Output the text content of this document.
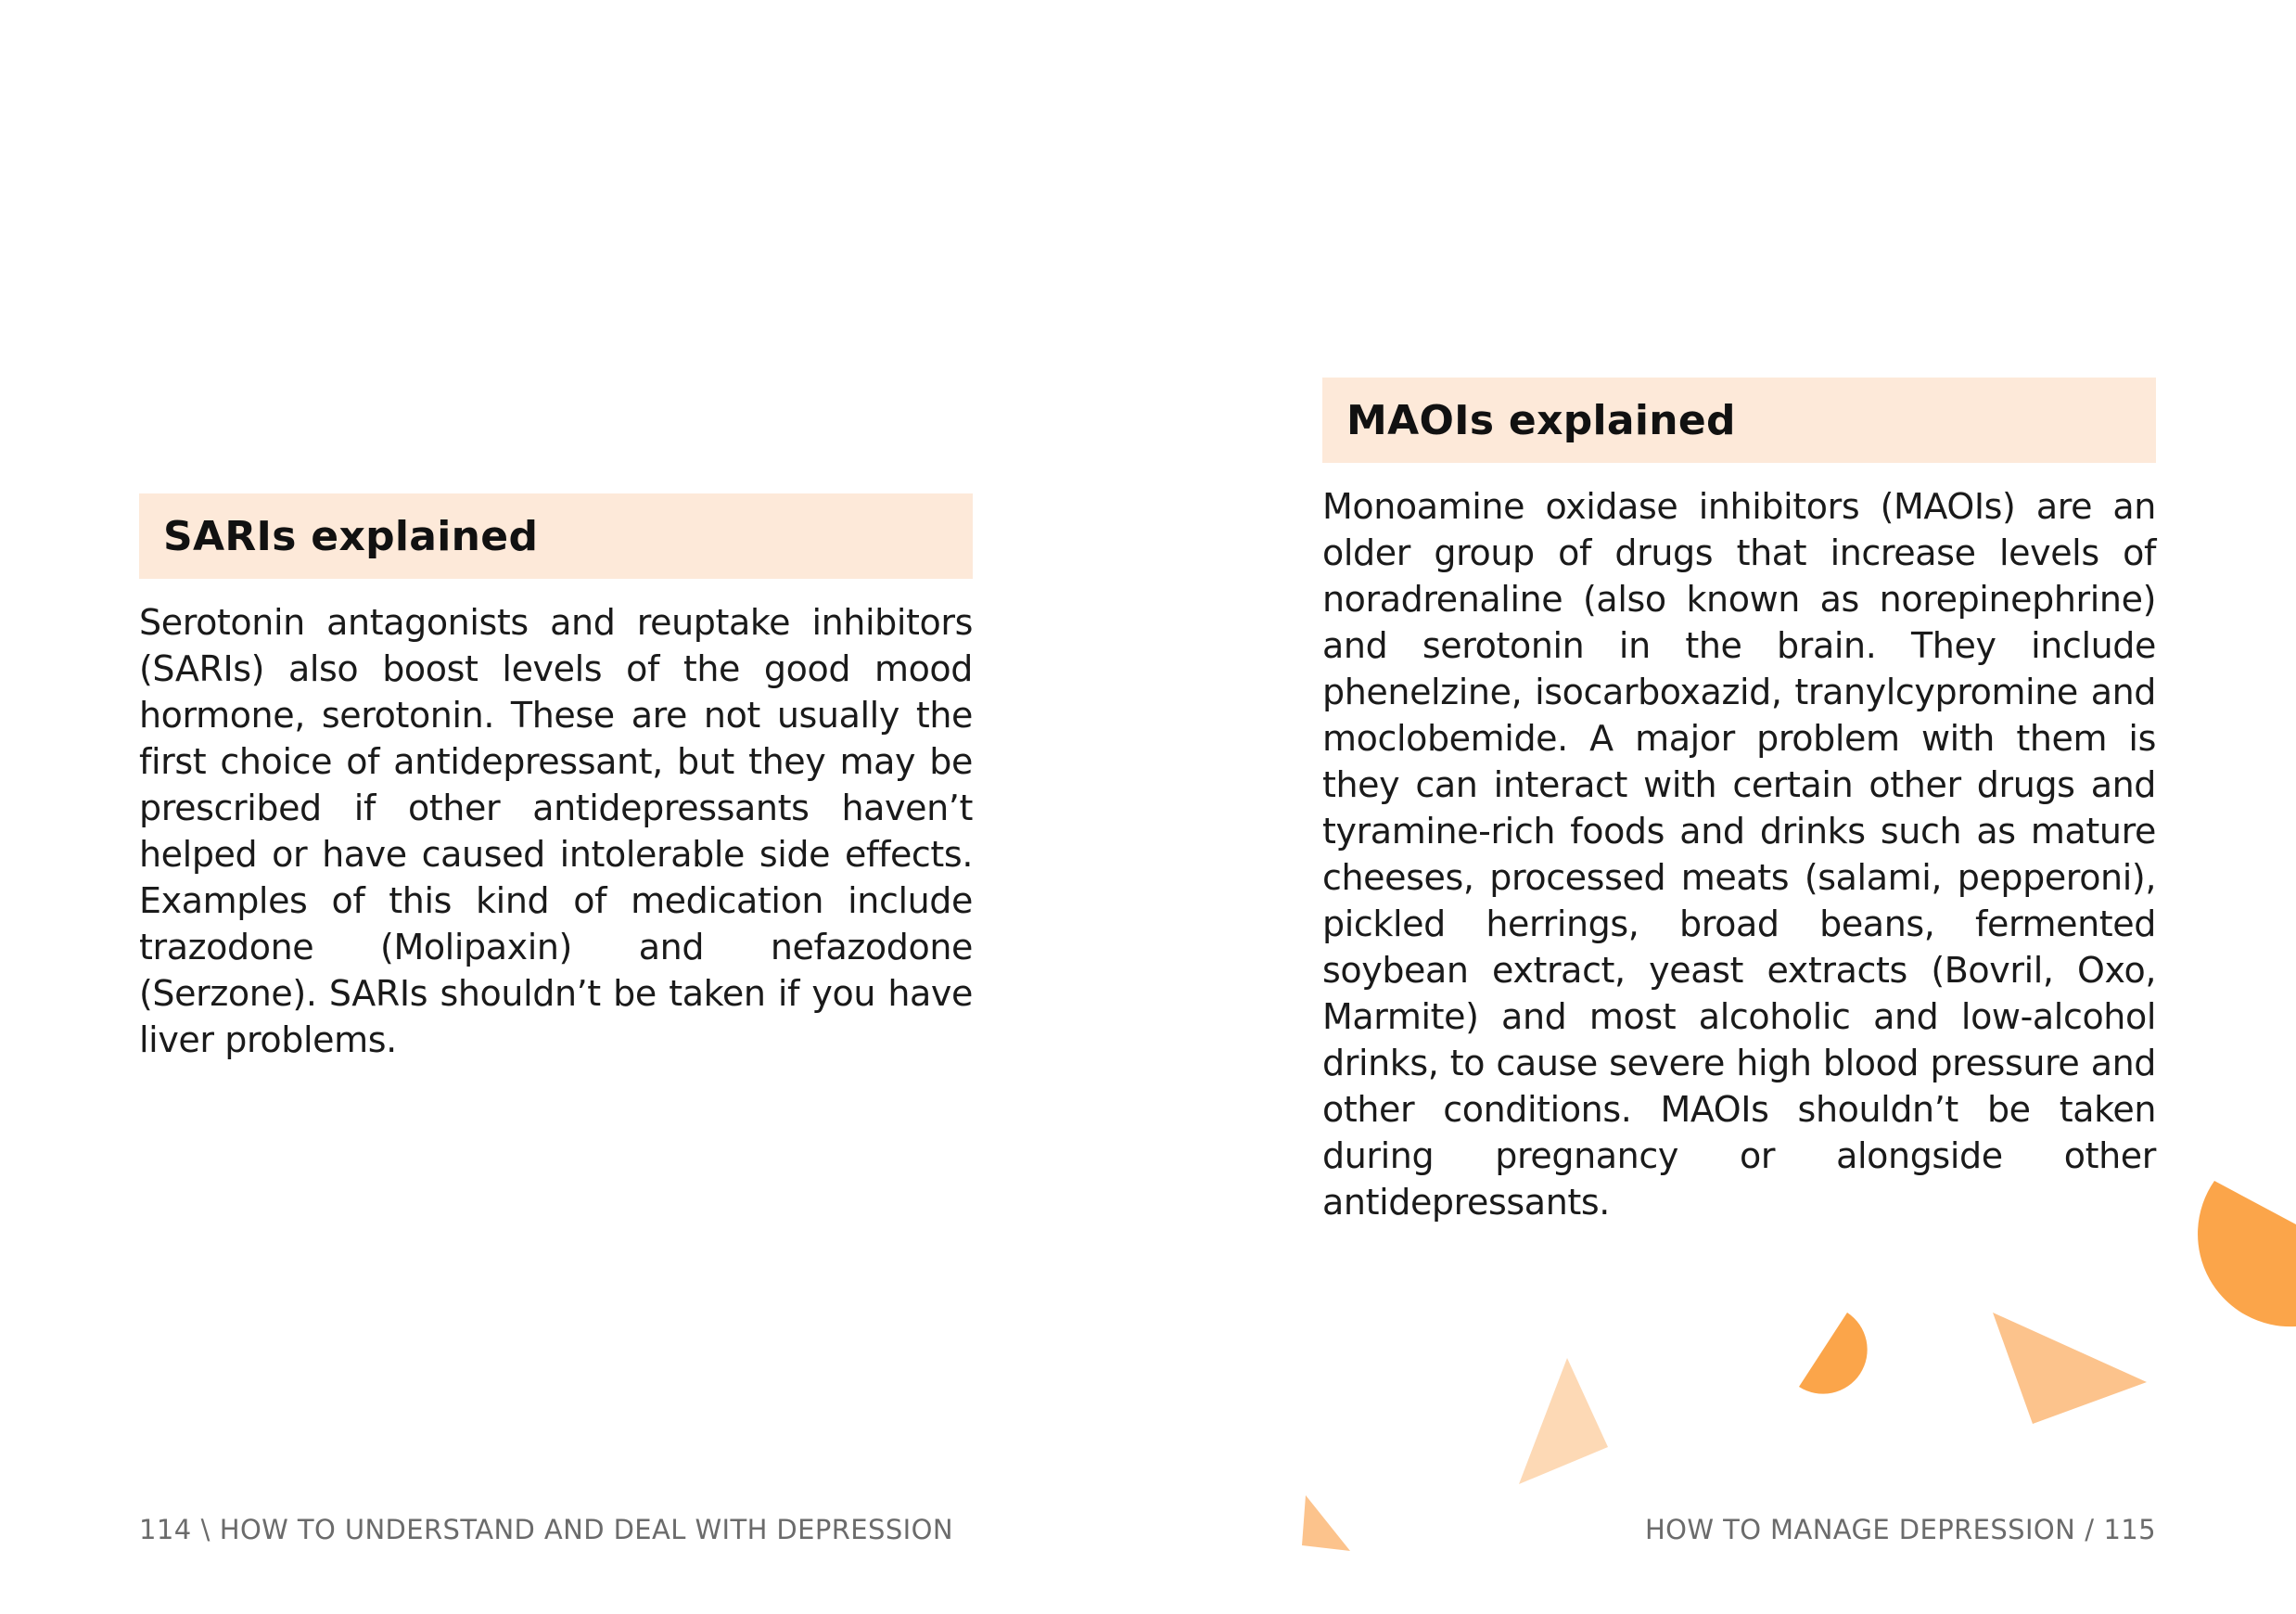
SARIs explained

Serotonin antagonists and reuptake inhibitors (SARIs) also boost levels of the good mood hormone, serotonin. These are not usually the first choice of antidepressant, but they may be prescribed if other antidepressants haven’t helped or have caused intolerable side effects. Examples of this kind of medication include trazodone (Molipaxin) and nefazodone (Serzone). SARIs shouldn’t be taken if you have liver problems.

114 \ HOW TO UNDERSTAND AND DEAL WITH DEPRESSION
MAOIs explained

Monoamine oxidase inhibitors (MAOIs) are an older group of drugs that increase levels of noradrenaline (also known as norepinephrine) and serotonin in the brain. They include phenelzine, isocarboxazid, tranylcypromine and moclobemide. A major problem with them is they can interact with certain other drugs and tyramine-rich foods and drinks such as mature cheeses, processed meats (salami, pepperoni), pickled herrings, broad beans, fermented soybean extract, yeast extracts (Bovril, Oxo, Marmite) and most alcoholic and low-alcohol drinks, to cause severe high blood pressure and other conditions. MAOIs shouldn’t be taken during pregnancy or alongside other antidepressants.

HOW TO MANAGE DEPRESSION / 115
